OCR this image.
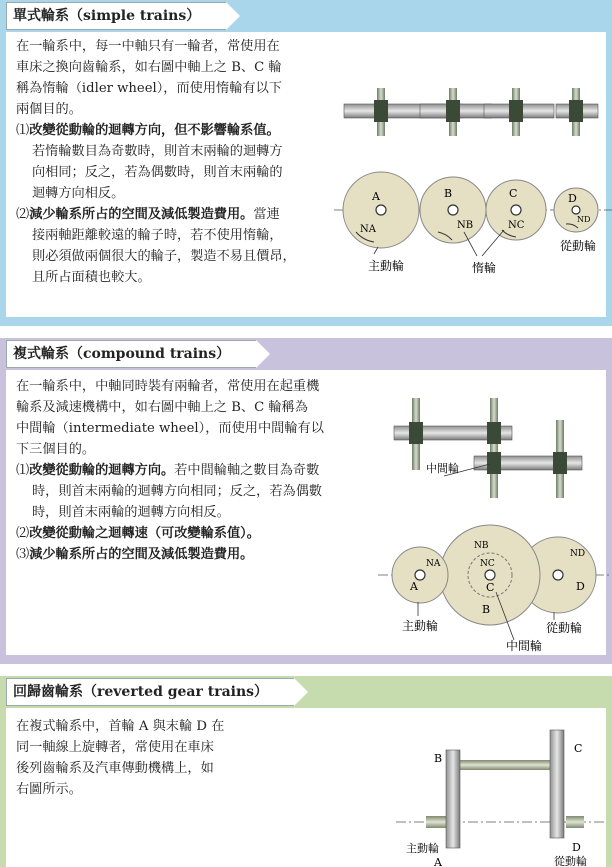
單式輪系（simple trains）
在一輪系中，每一中軸只有一輪者，常使用在
車床之換向齒輪系，如右圖中軸上之 B、C 輪
稱為惰輪（idler wheel），而使用惰輪有以下
兩個目的。
⑴改變從動輪的迴轉方向，但不影響輪系值。
若惰輪數目為奇數時，則首末兩輪的迴轉方
向相同；反之，若為偶數時，則首末兩輪的
迴轉方向相反。
⑵減少輪系所占的空間及減低製造費用。當連
接兩軸距離較遠的輪子時，若不使用惰輪，
則必須做兩個很大的輪子，製造不易且價昂，
且所占面積也較大。
A	B	C	D
NA	NB	NC
ND
主動輪	惰輪
從動輪
複式輪系（compound trains）
在一輪系中，中軸同時裝有兩輪者，常使用在起重機
輪系及減速機構中，如右圖中軸上之 B、C 輪稱為
中間輪（intermediate wheel），而使用中間輪有以
下三個目的。
⑴改變從動輪的迴轉方向。若中間輪軸之數目為奇數
時，則首末兩輪的迴轉方向相同；反之，若為偶數
時，則首末兩輪的迴轉方向相反。
⑵改變從動輪之迴轉速（可改變輪系值）。
⑶減少輪系所占的空間及減低製造費用。
中間輪
A
B
C	D
NA
NB
NC
ND
主動輪	從動輪
中間輪
回歸齒輪系（reverted gear trains）
在複式輪系中，首輪 A 與末輪 D 在
同一軸線上旋轉者，常使用在車床
後列齒輪系及汽車傳動機構上，如
右圖所示。
B
C
D
A
主動輪
從動輪
